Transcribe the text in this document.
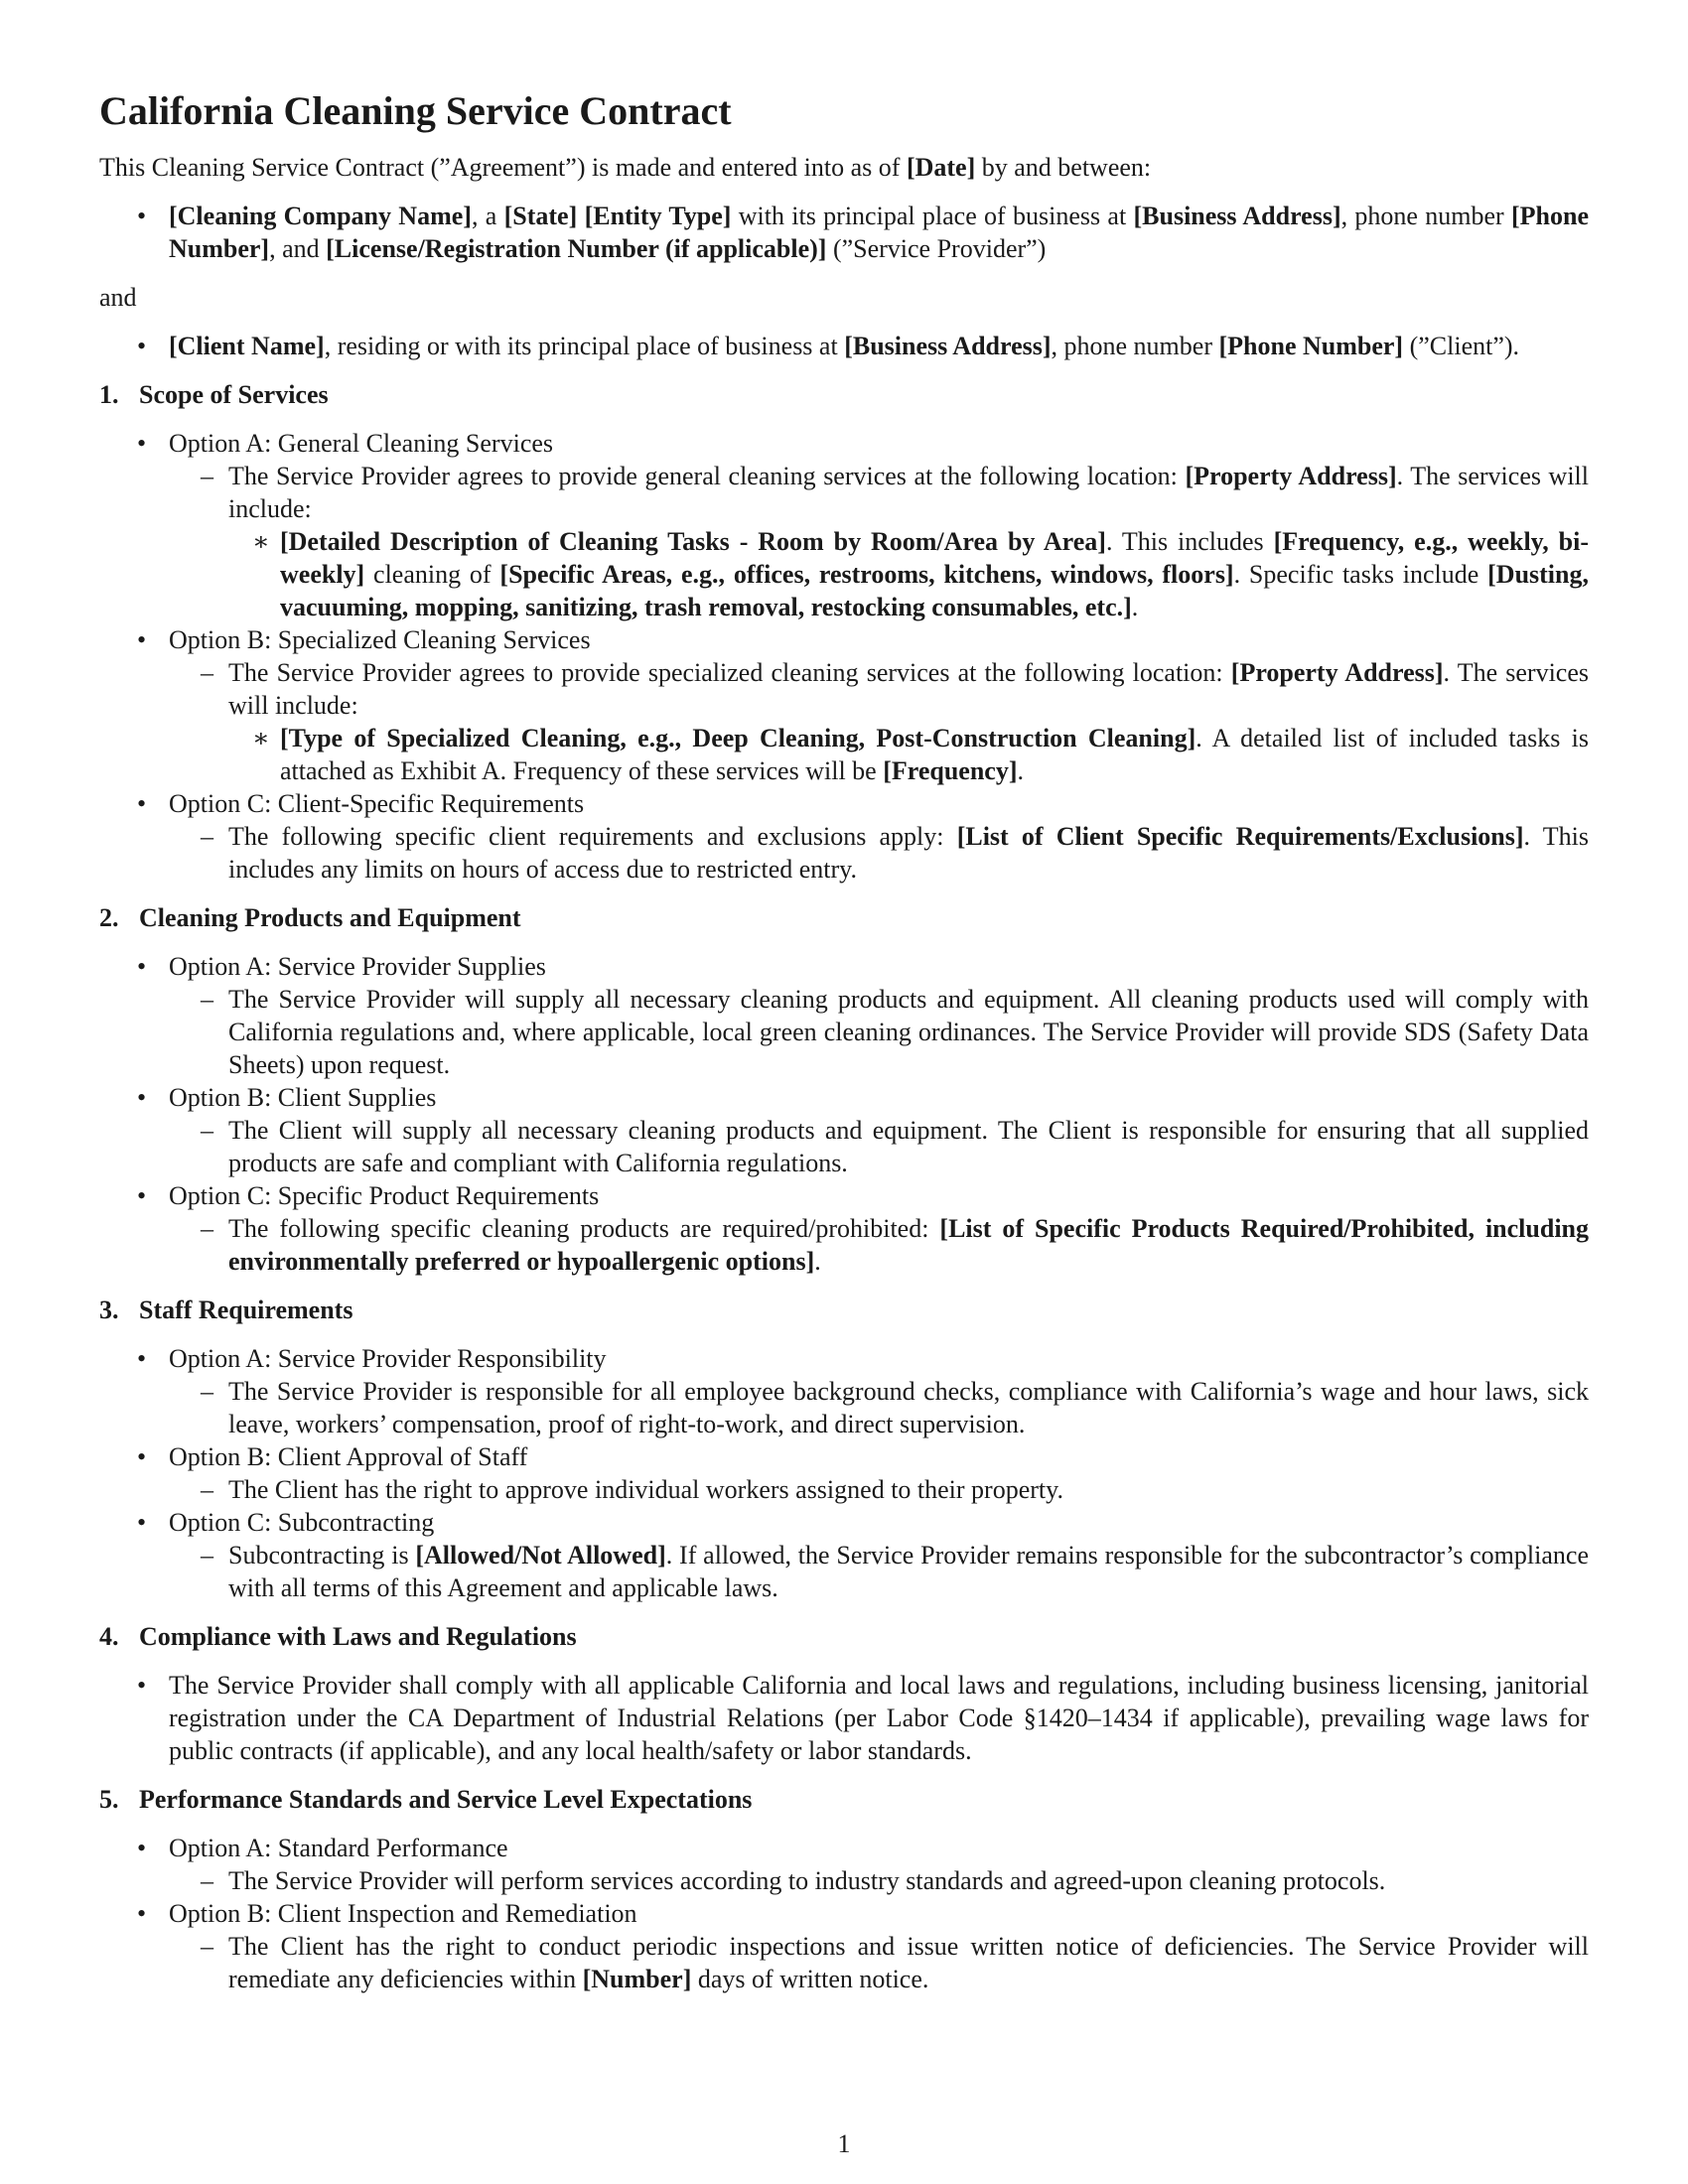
California Cleaning Service Contract

This Cleaning Service Contract (”Agreement”) is made and entered into as of [Date] by and between:

• [Cleaning Company Name], a [State] [Entity Type] with its principal place of business at [Business Address], phone number [Phone Number], and [License/Registration Number (if applicable)] (”Service Provider”)

and

• [Client Name], residing or with its principal place of business at [Business Address], phone number [Phone Number] (”Client”).
1. Scope of Services
• Option A: General Cleaning Services
– The Service Provider agrees to provide general cleaning services at the following location: [Property Address]. The services will include:
∗ [Detailed Description of Cleaning Tasks - Room by Room/Area by Area]. This includes [Frequency, e.g., weekly, bi-weekly] cleaning of [Specific Areas, e.g., offices, restrooms, kitchens, windows, floors]. Specific tasks include [Dusting, vacuuming, mopping, sanitizing, trash removal, restocking consumables, etc.].
• Option B: Specialized Cleaning Services
– The Service Provider agrees to provide specialized cleaning services at the following location: [Property Address]. The services will include:
∗ [Type of Specialized Cleaning, e.g., Deep Cleaning, Post-Construction Cleaning]. A detailed list of included tasks is attached as Exhibit A. Frequency of these services will be [Frequency].
• Option C: Client-Specific Requirements
– The following specific client requirements and exclusions apply: [List of Client Specific Requirements/Exclusions]. This includes any limits on hours of access due to restricted entry.
2. Cleaning Products and Equipment
• Option A: Service Provider Supplies
– The Service Provider will supply all necessary cleaning products and equipment. All cleaning products used will comply with California regulations and, where applicable, local green cleaning ordinances. The Service Provider will provide SDS (Safety Data Sheets) upon request.
• Option B: Client Supplies
– The Client will supply all necessary cleaning products and equipment. The Client is responsible for ensuring that all supplied products are safe and compliant with California regulations.
• Option C: Specific Product Requirements
– The following specific cleaning products are required/prohibited: [List of Specific Products Required/Prohibited, including environmentally preferred or hypoallergenic options].
3. Staff Requirements
• Option A: Service Provider Responsibility
– The Service Provider is responsible for all employee background checks, compliance with California’s wage and hour laws, sick leave, workers’ compensation, proof of right-to-work, and direct supervision.
• Option B: Client Approval of Staff
– The Client has the right to approve individual workers assigned to their property.
• Option C: Subcontracting
– Subcontracting is [Allowed/Not Allowed]. If allowed, the Service Provider remains responsible for the subcontractor’s compliance with all terms of this Agreement and applicable laws.
4. Compliance with Laws and Regulations
• The Service Provider shall comply with all applicable California and local laws and regulations, including business licensing, janitorial registration under the CA Department of Industrial Relations (per Labor Code §1420–1434 if applicable), prevailing wage laws for public contracts (if applicable), and any local health/safety or labor standards.
5. Performance Standards and Service Level Expectations
• Option A: Standard Performance
– The Service Provider will perform services according to industry standards and agreed-upon cleaning protocols.
• Option B: Client Inspection and Remediation
– The Client has the right to conduct periodic inspections and issue written notice of deficiencies. The Service Provider will remediate any deficiencies within [Number] days of written notice.
1
